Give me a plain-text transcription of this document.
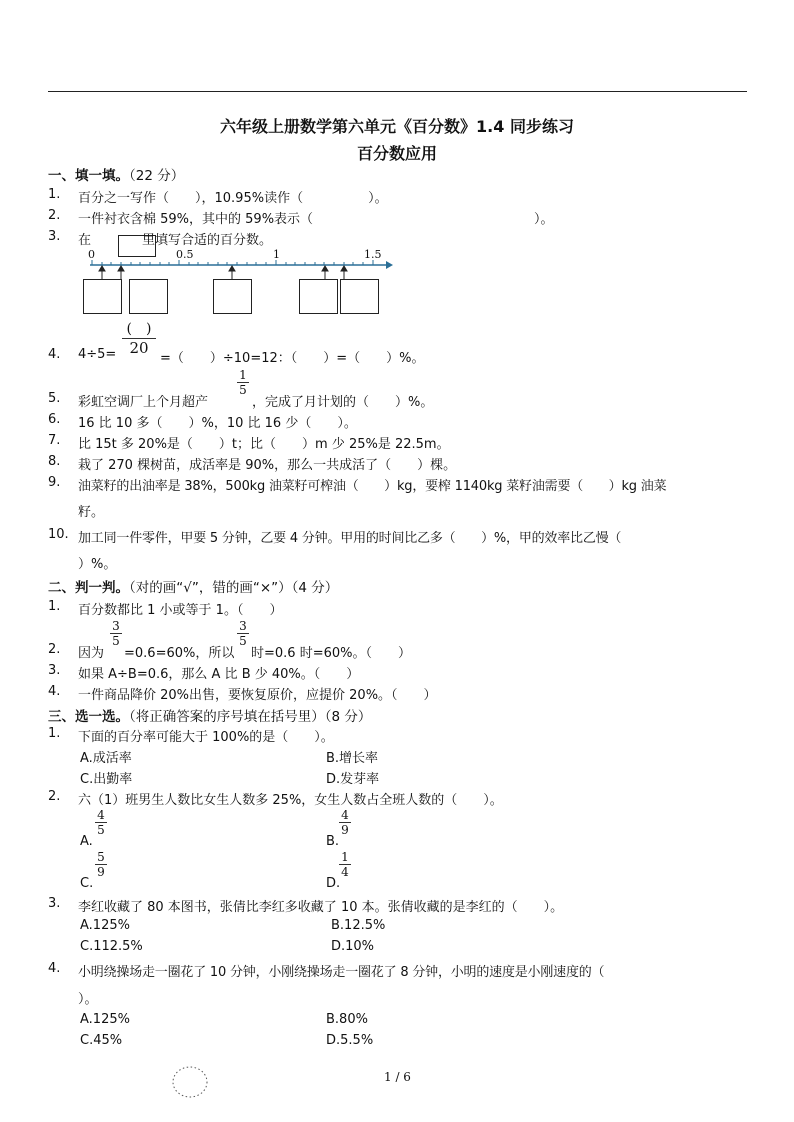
六年级上册数学第六单元《百分数》1.4 同步练习
百分数应用
一、填一填。（22 分）
1. 百分之一写作（　　），10.95%读作（　　　　　）。
2. 一件衬衣含棉 59%，其中的 59%表示（　　　　　　　　　　　　　　　　　）。
3. 在	里填写合适的百分数。
0	0.5	1	1.5
4. 4÷5=
(　)
20
=（　　）÷10=12：（　　）=（　　）%。
5. 彩虹空调厂上个月超产
$\frac{1}{5}$
，完成了月计划的（　　）%。
6. 16 比 10 多（　　）%，10 比 16 少（　　）。
7. 比 15t 多 20%是（　　）t；比（　　）m 少 25%是 22.5m。
8. 栽了 270 棵树苗，成活率是 90%，那么一共成活了（　　）棵。
9. 油菜籽的出油率是 38%，500kg 油菜籽可榨油（　　）kg，要榨 1140kg 菜籽油需要（　　）kg 油菜
籽。
10. 加工同一件零件，甲要 5 分钟，乙要 4 分钟。甲用的时间比乙多（　　）%，甲的效率比乙慢（
）%。
二、判一判。（对的画“√”，错的画“×”）（4 分）
1. 百分数都比 1 小或等于 1。（　　）
2. 因为
$\frac{3}{5}$
=0.6=60%，所以
$\frac{3}{5}$
时=0.6 时=60%。（　　）
3. 如果 A÷B=0.6，那么 A 比 B 少 40%。（　　）
4. 一件商品降价 20%出售，要恢复原价，应提价 20%。（　　）
三、选一选。（将正确答案的序号填在括号里）（8 分）
1. 下面的百分率可能大于 100%的是（　　）。
A.成活率	B.增长率
C.出勤率	D.发芽率
2. 六（1）班男生人数比女生人数多 25%，女生人数占全班人数的（　　）。
A.
$\frac{4}{5}$
B.
$\frac{4}{9}$
C.
$\frac{5}{9}$
D.
$\frac{1}{4}$
3. 李红收藏了 80 本图书，张倩比李红多收藏了 10 本。张倩收藏的是李红的（　　）。
A.125%	B.12.5%
C.112.5%	D.10%
4. 小明绕操场走一圈花了 10 分钟，小刚绕操场走一圈花了 8 分钟，小明的速度是小刚速度的（
）。
A.125%	B.80%
C.45%	D.5.5%
1 / 6
